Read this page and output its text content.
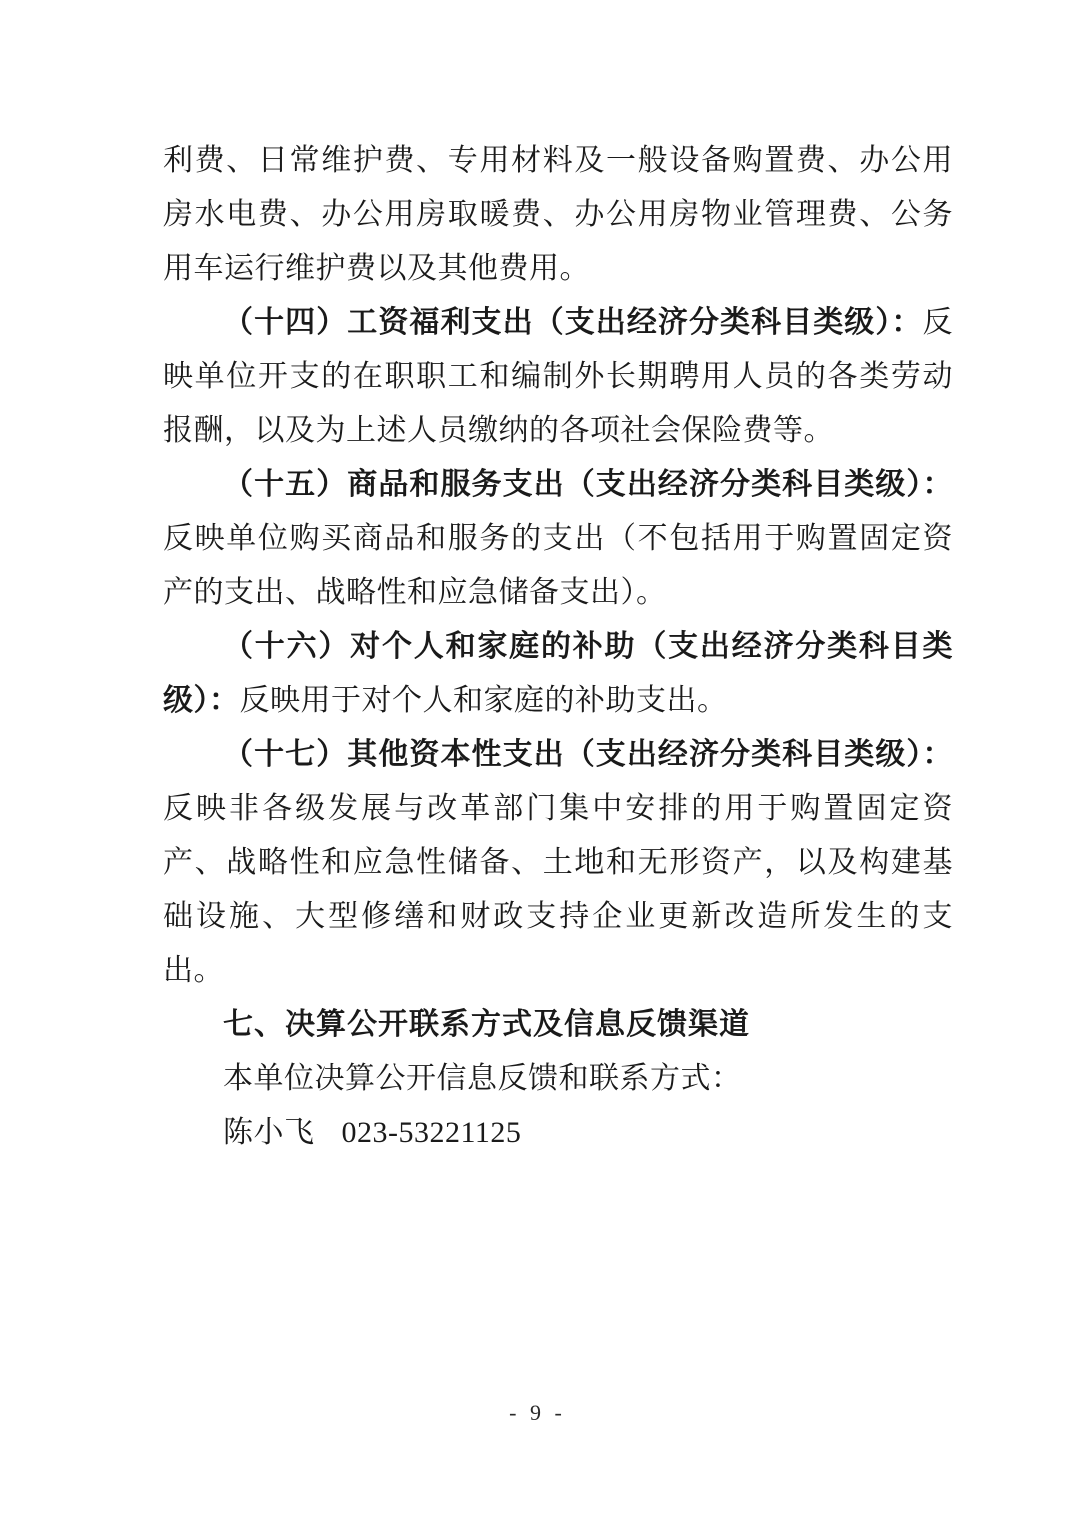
利费、日常维护费、专用材料及一般设备购置费、办公用房水电费、办公用房取暖费、办公用房物业管理费、公务用车运行维护费以及其他费用。

（十四）工资福利支出（支出经济分类科目类级）：反映单位开支的在职职工和编制外长期聘用人员的各类劳动报酬，以及为上述人员缴纳的各项社会保险费等。

（十五）商品和服务支出（支出经济分类科目类级）：反映单位购买商品和服务的支出（不包括用于购置固定资产的支出、战略性和应急储备支出）。

（十六）对个人和家庭的补助（支出经济分类科目类级）：反映用于对个人和家庭的补助支出。

（十七）其他资本性支出（支出经济分类科目类级）：反映非各级发展与改革部门集中安排的用于购置固定资产、战略性和应急性储备、土地和无形资产，以及构建基础设施、大型修缮和财政支持企业更新改造所发生的支出。

七、决算公开联系方式及信息反馈渠道

本单位决算公开信息反馈和联系方式：

陈小飞 023-53221125

- 9 -
